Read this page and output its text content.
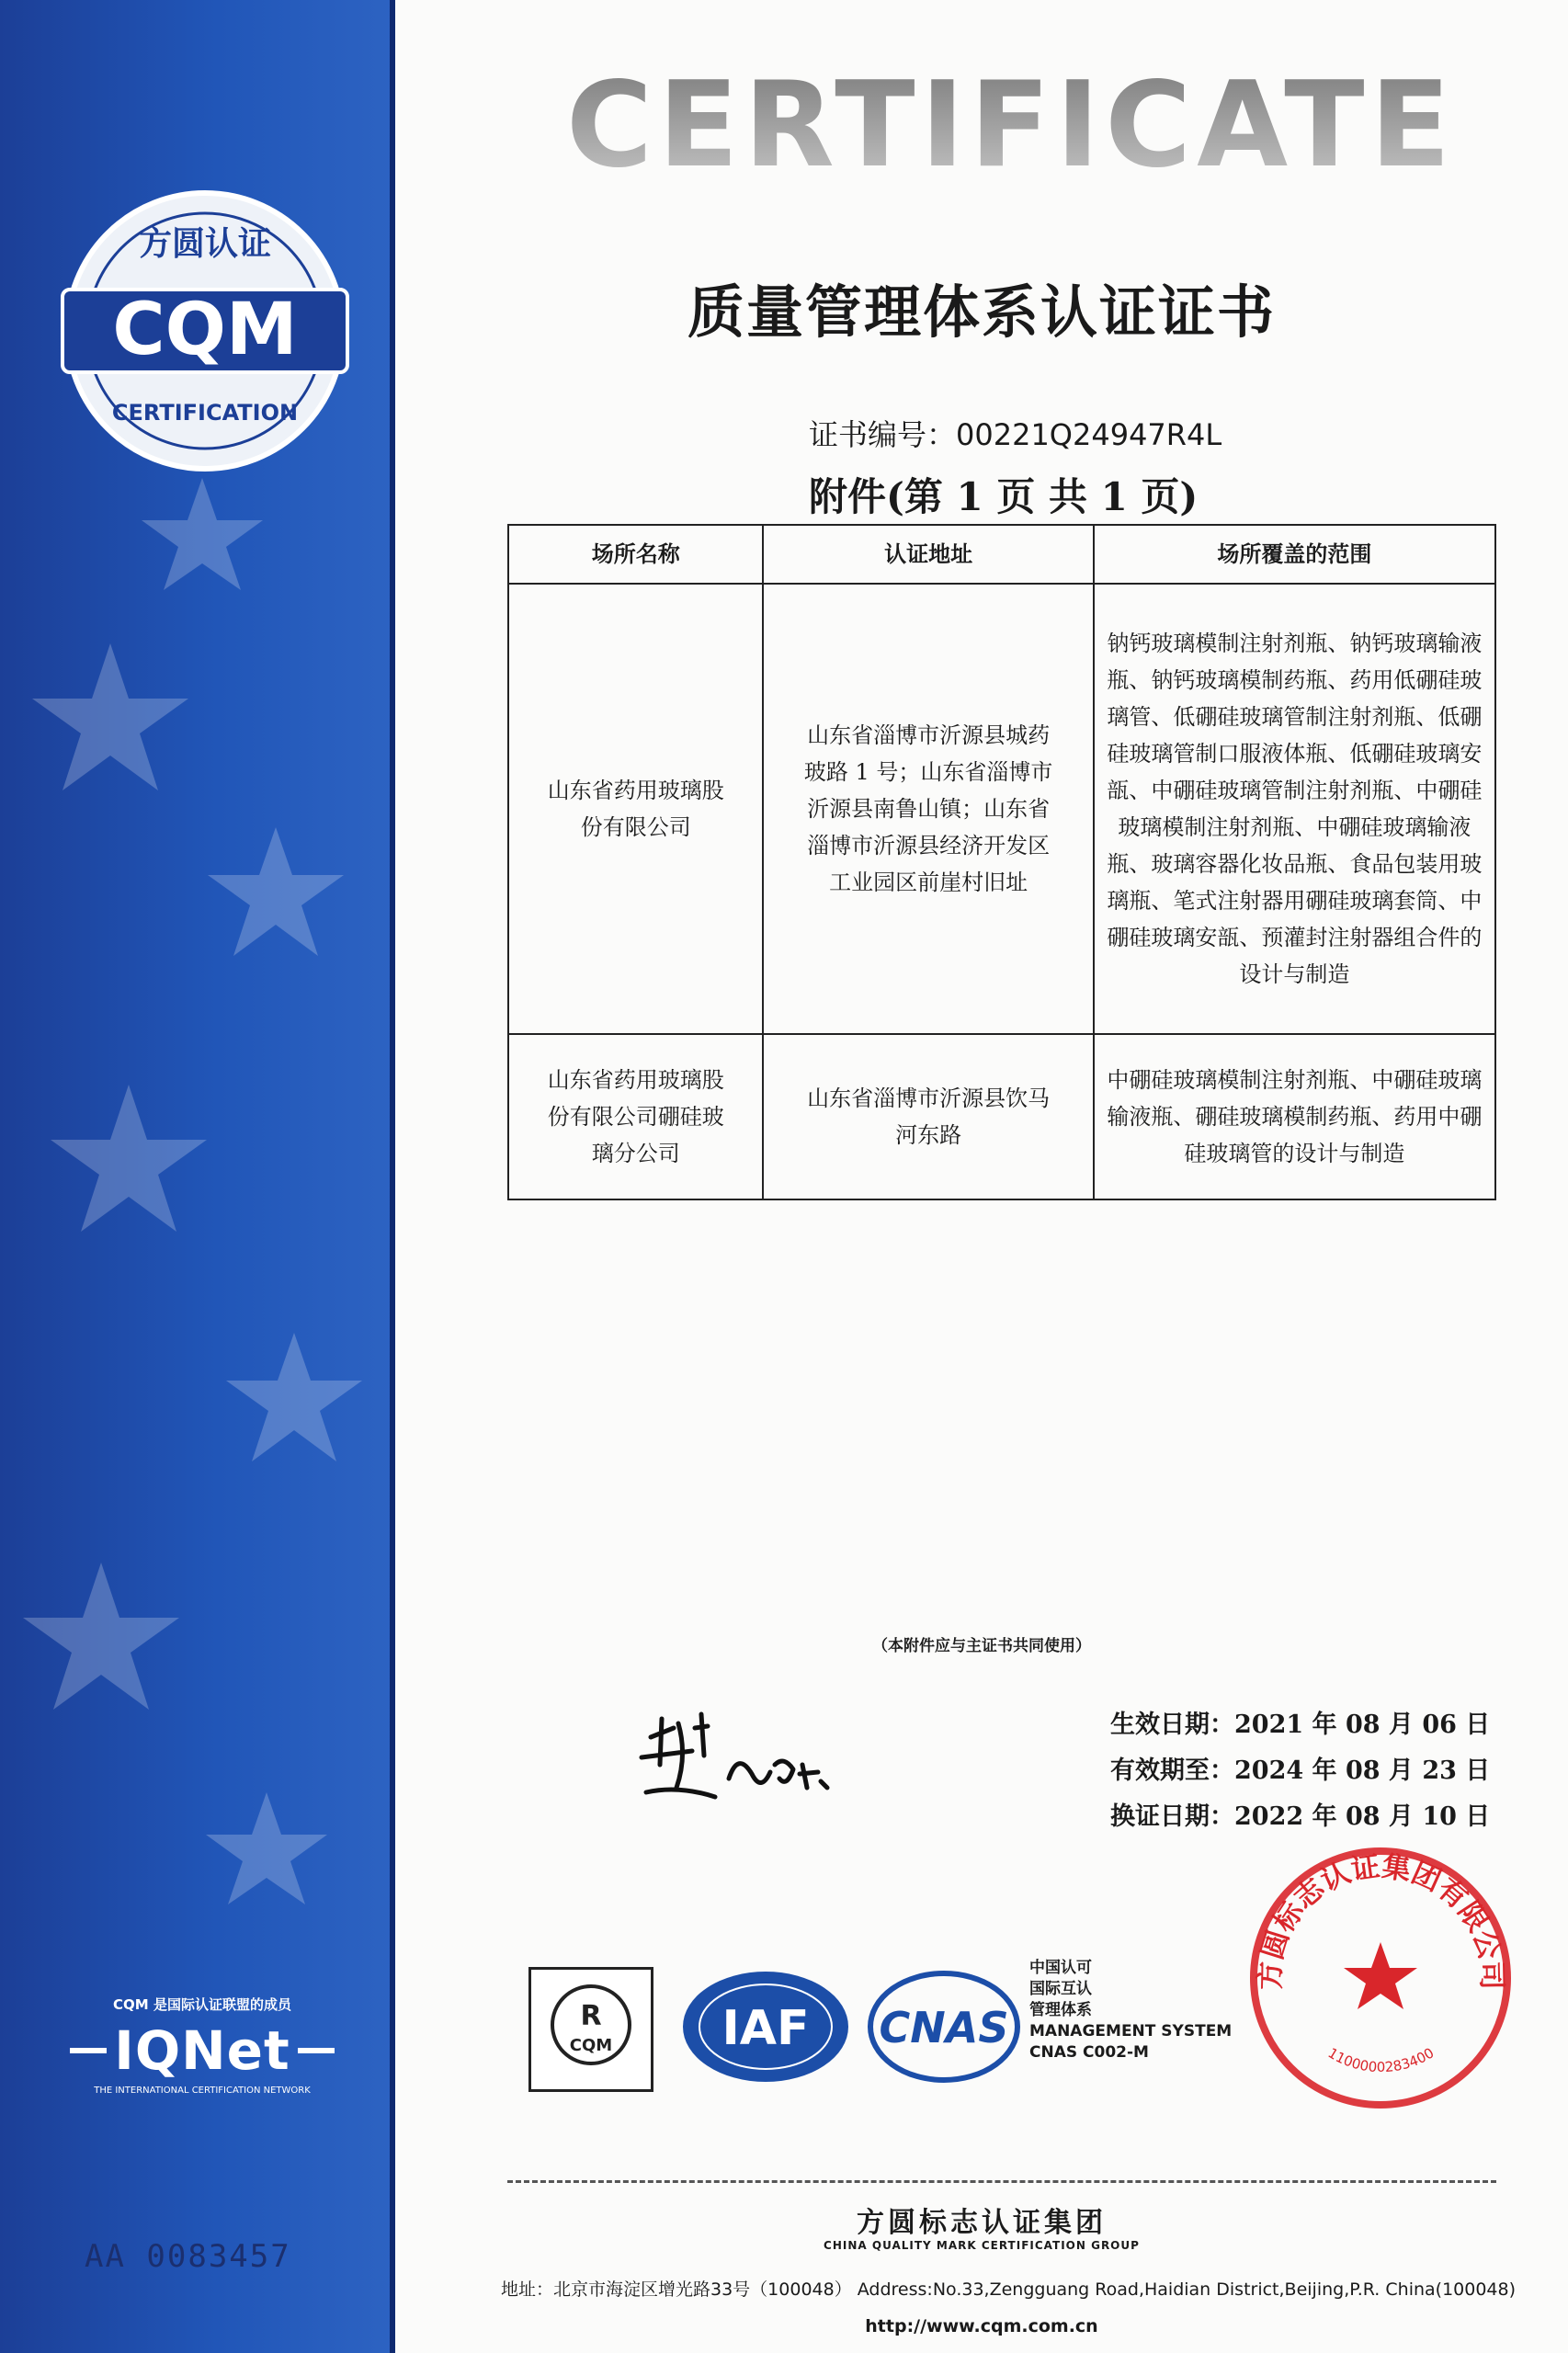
CQM
方圆认证
CERTIFICATION
CQM 是国际认证联盟的成员
IQNet
THE INTERNATIONAL CERTIFICATION NETWORK
AA 0083457
CERTIFICATE
质量管理体系认证证书
证书编号：00221Q24947R4L
附件(第 1 页 共 1 页)
场所名称	认证地址	场所覆盖的范围
山东省药用玻璃股
份有限公司	山东省淄博市沂源县城药
玻路 1 号；山东省淄博市
沂源县南鲁山镇；山东省
淄博市沂源县经济开发区
工业园区前崖村旧址	钠钙玻璃模制注射剂瓶、钠钙玻璃输液瓶、钠钙玻璃模制药瓶、药用低硼硅玻璃管、低硼硅玻璃管制注射剂瓶、低硼硅玻璃管制口服液体瓶、低硼硅玻璃安瓿、中硼硅玻璃管制注射剂瓶、中硼硅玻璃模制注射剂瓶、中硼硅玻璃输液瓶、玻璃容器化妆品瓶、食品包装用玻璃瓶、笔式注射器用硼硅玻璃套筒、中硼硅玻璃安瓿、预灌封注射器组合件的设计与制造
山东省药用玻璃股
份有限公司硼硅玻
璃分公司	山东省淄博市沂源县饮马
河东路	中硼硅玻璃模制注射剂瓶、中硼硅玻璃输液瓶、硼硅玻璃模制药瓶、药用中硼硅玻璃管的设计与制造
（本附件应与主证书共同使用）
生效日期：2021 年 08 月 06 日
有效期至：2024 年 08 月 23 日
换证日期：2022 年 08 月 10 日
R
CQM IAF CNAS
中国认可
国际互认
管理体系
MANAGEMENT SYSTEM
CNAS C002-M
方圆标志认证集团有限公司
1100000283400
方圆标志认证集团
CHINA QUALITY MARK CERTIFICATION GROUP
地址：北京市海淀区增光路33号（100048） Address:No.33,Zengguang Road,Haidian District,Beijing,P.R. China(100048)
http://www.cqm.com.cn
